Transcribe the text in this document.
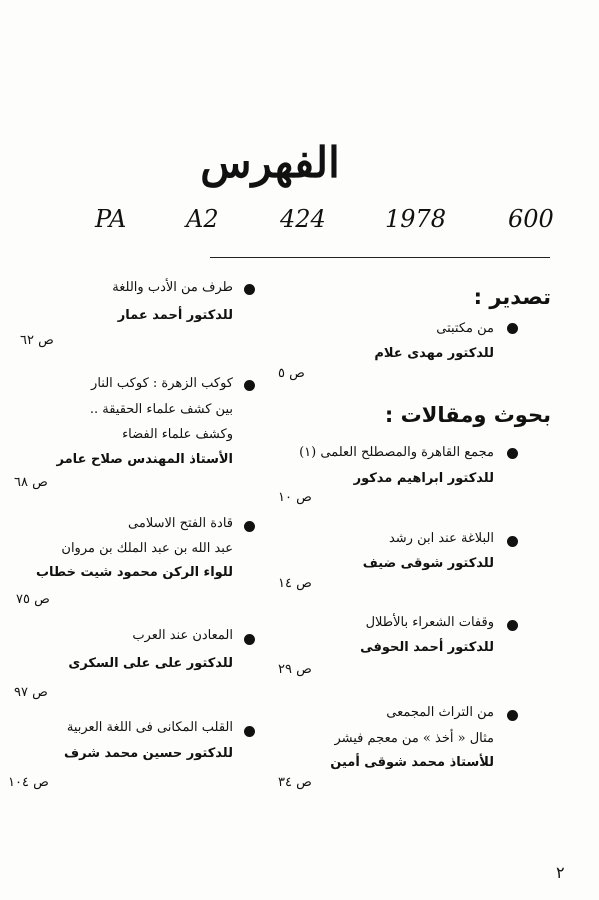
الفهرس
PA A2	424 1978	600
تصدير :
بحوث ومقالات :
من مكتبتى
للدكتور مهدى علام
ص ٥
مجمع القاهرة والمصطلح العلمى (١)
للدكتور ابراهيم مدكور
ص ١٠
البلاغة عند ابن رشد
للدكتور شوقى ضيف
ص ١٤
وقفات الشعراء بالأطلال
للدكتور أحمد الحوفى
ص ٢٩
من التراث المجمعى
مثال « أخذ » من معجم فيشر
للأستاذ محمد شوقى أمين
ص ٣٤
طرف من الأدب واللغة
للدكتور أحمد عمار
ص ٦٢
كوكب الزهرة : كوكب النار
بين كشف علماء الحقيقة ..
وكشف علماء الفضاء
الأستاذ المهندس صلاح عامر
ص ٦٨
قادة الفتح الاسلامى
عبد الله بن عبد الملك بن مروان
للواء الركن محمود شيت خطاب
ص ٧٥
المعادن عند العرب
للدكتور على على السكرى
ص ٩٧
القلب المكانى فى اللغة العربية
للدكتور حسين محمد شرف
ص ١٠٤
٢
